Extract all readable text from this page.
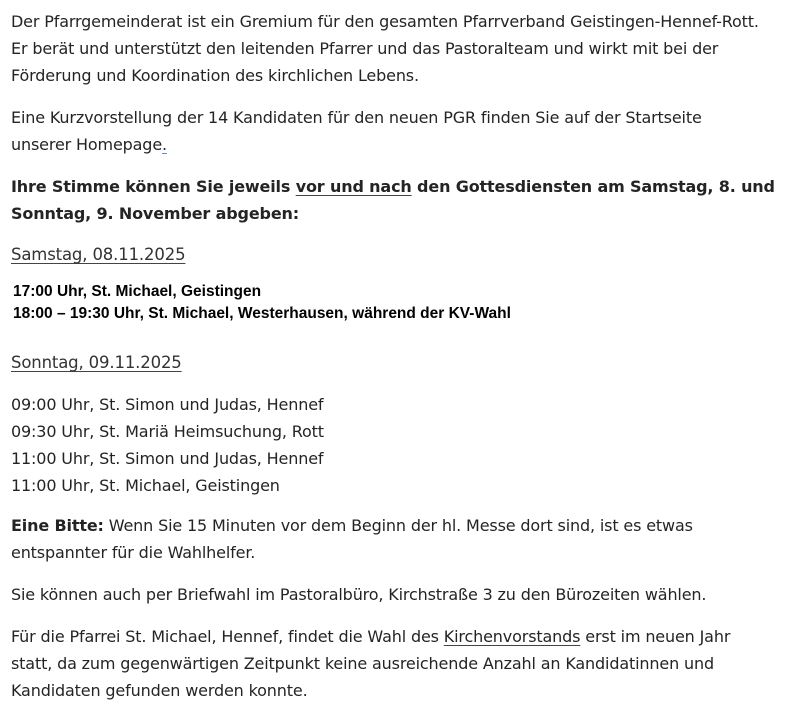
Der Pfarrgemeinderat ist ein Gremium für den gesamten Pfarrverband Geistingen-Hennef-Rott.

Er berät und unterstützt den leitenden Pfarrer und das Pastoralteam und wirkt mit bei der

Förderung und Koordination des kirchlichen Lebens.

Eine Kurzvorstellung der 14 Kandidaten für den neuen PGR finden Sie auf der Startseite

unserer Homepage.

Ihre Stimme können Sie jeweils vor und nach den Gottesdiensten am Samstag, 8. und

Sonntag, 9. November abgeben:

Samstag, 08.11.2025

17:00 Uhr, St. Michael, Geistingen
18:00 – 19:30 Uhr, St. Michael, Westerhausen, während der KV-Wahl

Sonntag, 09.11.2025

09:00 Uhr, St. Simon und Judas, Hennef

09:30 Uhr, St. Mariä Heimsuchung, Rott

11:00 Uhr, St. Simon und Judas, Hennef

11:00 Uhr, St. Michael, Geistingen

Eine Bitte: Wenn Sie 15 Minuten vor dem Beginn der hl. Messe dort sind, ist es etwas

entspannter für die Wahlhelfer.

Sie können auch per Briefwahl im Pastoralbüro, Kirchstraße 3 zu den Bürozeiten wählen.

Für die Pfarrei St. Michael, Hennef, findet die Wahl des Kirchenvorstands erst im neuen Jahr

statt, da zum gegenwärtigen Zeitpunkt keine ausreichende Anzahl an Kandidatinnen und

Kandidaten gefunden werden konnte.
